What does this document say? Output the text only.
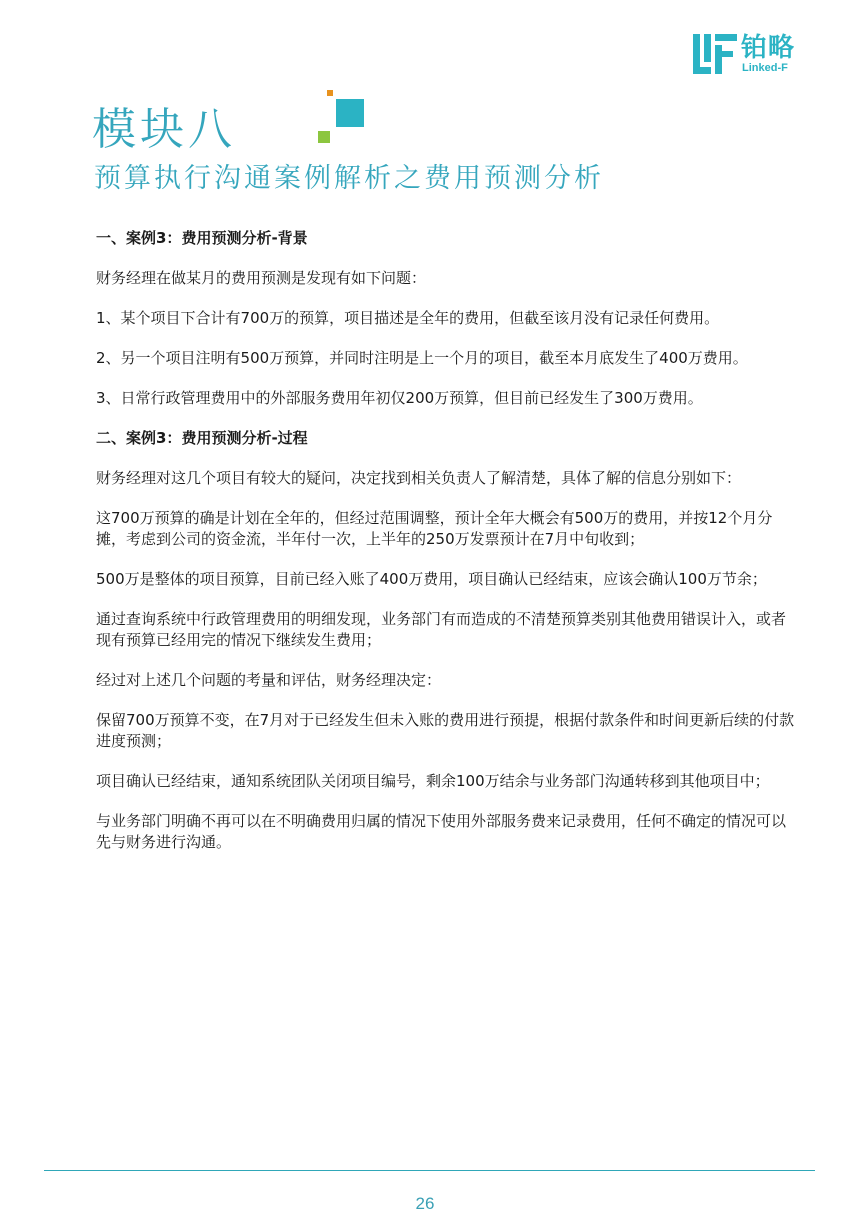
铂略
Linked-F
模块八
预算执行沟通案例解析之费用预测分析

一、案例3：费用预测分析-背景

财务经理在做某月的费用预测是发现有如下问题：

1、某个项目下合计有700万的预算，项目描述是全年的费用，但截至该月没有记录任何费用。

2、另一个项目注明有500万预算，并同时注明是上一个月的项目，截至本月底发生了400万费用。

3、日常行政管理费用中的外部服务费用年初仅200万预算，但目前已经发生了300万费用。

二、案例3：费用预测分析-过程

财务经理对这几个项目有较大的疑问，决定找到相关负责人了解清楚，具体了解的信息分别如下：

这700万预算的确是计划在全年的，但经过范围调整，预计全年大概会有500万的费用，并按12个月分摊，考虑到公司的资金流，半年付一次，上半年的250万发票预计在7月中旬收到；

500万是整体的项目预算，目前已经入账了400万费用，项目确认已经结束，应该会确认100万节余；

通过查询系统中行政管理费用的明细发现，业务部门有而造成的不清楚预算类别其他费用错误计入，或者现有预算已经用完的情况下继续发生费用；

经过对上述几个问题的考量和评估，财务经理决定：

保留700万预算不变，在7月对于已经发生但未入账的费用进行预提，根据付款条件和时间更新后续的付款进度预测；

项目确认已经结束，通知系统团队关闭项目编号，剩余100万结余与业务部门沟通转移到其他项目中；

与业务部门明确不再可以在不明确费用归属的情况下使用外部服务费来记录费用，任何不确定的情况可以先与财务进行沟通。

26
